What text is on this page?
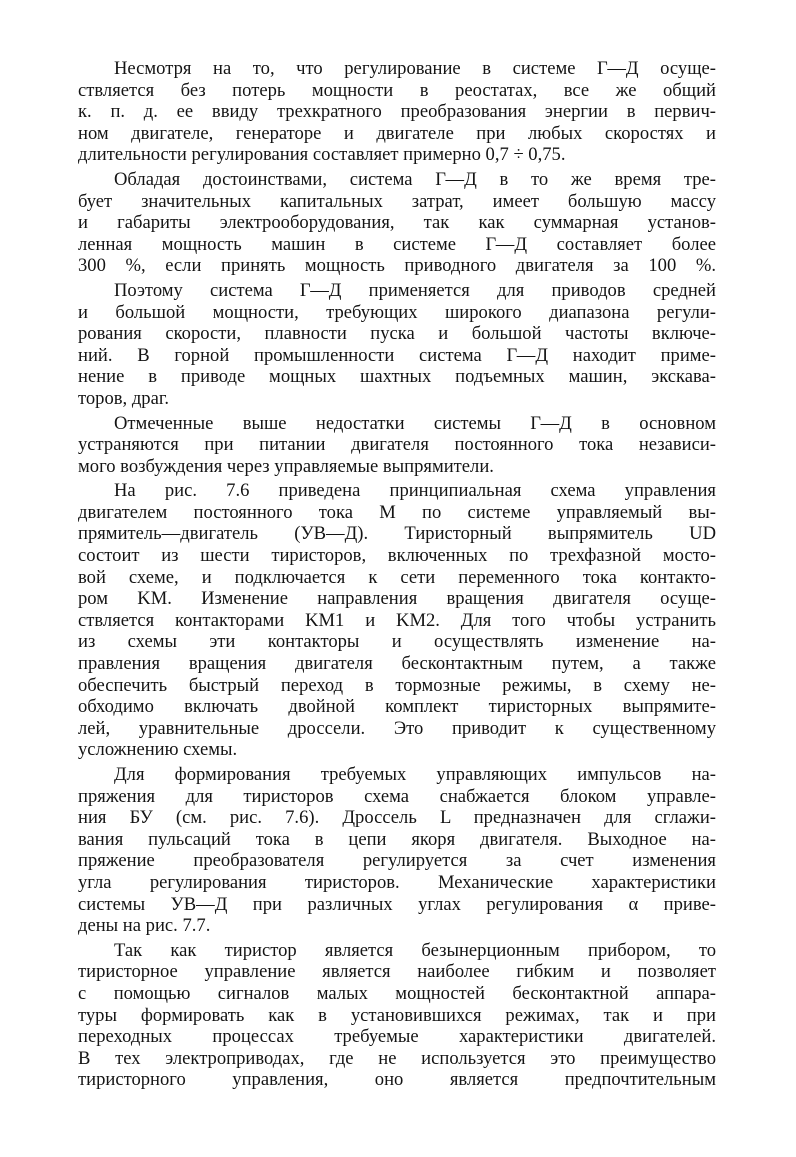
Несмотря на то, что регулирование в системе Г—Д осуще-
ствляется без потерь мощности в реостатах, все же общий
к. п. д. ее ввиду трехкратного преобразования энергии в первич-
ном двигателе, генераторе и двигателе при любых скоростях и
длительности регулирования составляет примерно 0,7 ÷ 0,75.
Обладая достоинствами, система Г—Д в то же время тре-
бует значительных капитальных затрат, имеет большую массу
и габариты электрооборудования, так как суммарная установ-
ленная мощность машин в системе Г—Д составляет более
300 %, если принять мощность приводного двигателя за 100 %.
Поэтому система Г—Д применяется для приводов средней
и большой мощности, требующих широкого диапазона регули-
рования скорости, плавности пуска и большой частоты включе-
ний. В горной промышленности система Г—Д находит приме-
нение в приводе мощных шахтных подъемных машин, экскава-
торов, драг.
Отмеченные выше недостатки системы Г—Д в основном
устраняются при питании двигателя постоянного тока независи-
мого возбуждения через управляемые выпрямители.
На рис. 7.6 приведена принципиальная схема управления
двигателем постоянного тока M по системе управляемый вы-
прямитель—двигатель (УВ—Д). Тиристорный выпрямитель UD
состоит из шести тиристоров, включенных по трехфазной мосто-
вой схеме, и подключается к сети переменного тока контакто-
ром KM. Изменение направления вращения двигателя осуще-
ствляется контакторами KM1 и KM2. Для того чтобы устранить
из схемы эти контакторы и осуществлять изменение на-
правления вращения двигателя бесконтактным путем, а также
обеспечить быстрый переход в тормозные режимы, в схему не-
обходимо включать двойной комплект тиристорных выпрямите-
лей, уравнительные дроссели. Это приводит к существенному
усложнению схемы.
Для формирования требуемых управляющих импульсов на-
пряжения для тиристоров схема снабжается блоком управле-
ния БУ (см. рис. 7.6). Дроссель L предназначен для сглажи-
вания пульсаций тока в цепи якоря двигателя. Выходное на-
пряжение преобразователя регулируется за счет изменения
угла регулирования тиристоров. Механические характеристики
системы УВ—Д при различных углах регулирования α приве-
дены на рис. 7.7.
Так как тиристор является безынерционным прибором, то
тиристорное управление является наиболее гибким и позволяет
с помощью сигналов малых мощностей бесконтактной аппара-
туры формировать как в установившихся режимах, так и при
переходных процессах требуемые характеристики двигателей.
В тех электроприводах, где не используется это преимущество
тиристорного управления, оно является предпочтительным
